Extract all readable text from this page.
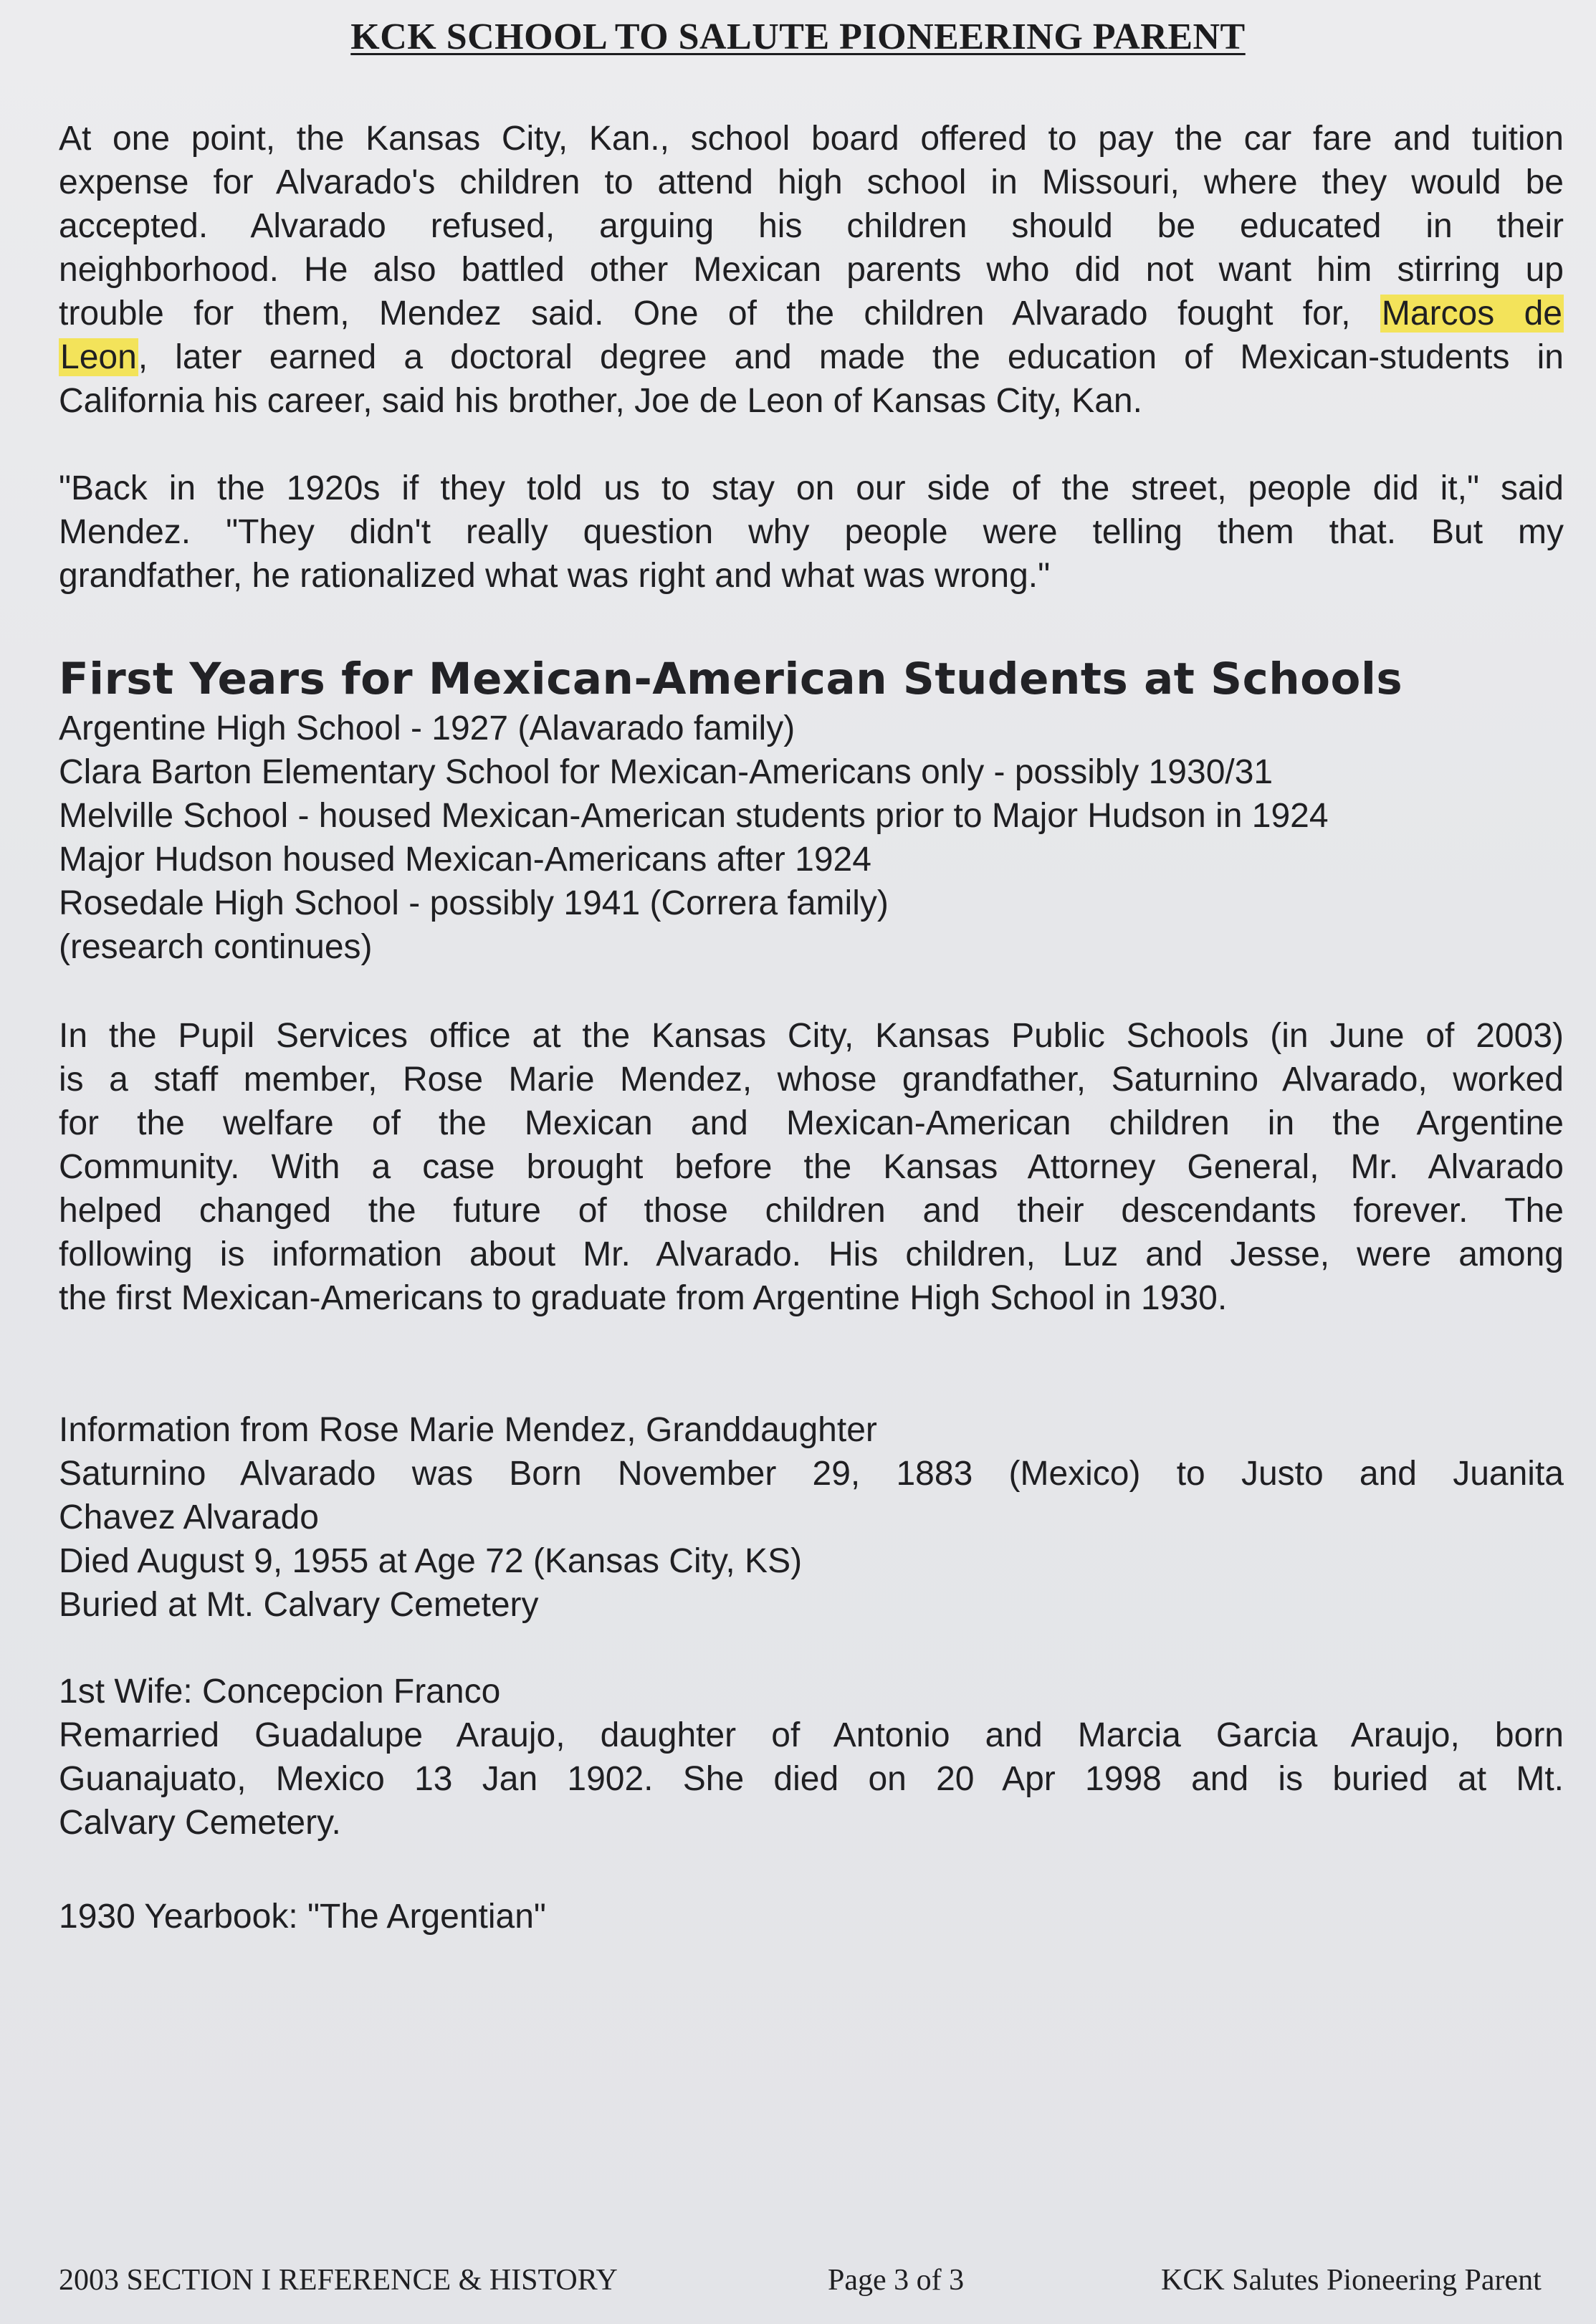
KCK SCHOOL TO SALUTE PIONEERING PARENT
At one point, the Kansas City, Kan., school board offered to pay the car fare and tuition
expense for Alvarado's children to attend high school in Missouri, where they would be
accepted. Alvarado refused, arguing his children should be educated in their
neighborhood. He also battled other Mexican parents who did not want him stirring up
trouble for them, Mendez said. One of the children Alvarado fought for, Marcos de
Leon, later earned a doctoral degree and made the education of Mexican-students in
California his career, said his brother, Joe de Leon of Kansas City, Kan.
"Back in the 1920s if they told us to stay on our side of the street, people did it," said
Mendez. "They didn't really question why people were telling them that. But my
grandfather, he rationalized what was right and what was wrong."
First Years for Mexican-American Students at Schools
Argentine High School - 1927 (Alavarado family)
Clara Barton Elementary School for Mexican-Americans only - possibly 1930/31
Melville School - housed Mexican-American students prior to Major Hudson in 1924
Major Hudson housed Mexican-Americans after 1924
Rosedale High School - possibly 1941 (Correra family)
(research continues)
In the Pupil Services office at the Kansas City, Kansas Public Schools (in June of 2003)
is a staff member, Rose Marie Mendez, whose grandfather, Saturnino Alvarado, worked
for the welfare of the Mexican and Mexican-American children in the Argentine
Community. With a case brought before the Kansas Attorney General, Mr. Alvarado
helped changed the future of those children and their descendants forever. The
following is information about Mr. Alvarado. His children, Luz and Jesse, were among
the first Mexican-Americans to graduate from Argentine High School in 1930.
Information from Rose Marie Mendez, Granddaughter
Saturnino Alvarado was Born November 29, 1883 (Mexico) to Justo and Juanita
Chavez Alvarado
Died August 9, 1955 at Age 72 (Kansas City, KS)
Buried at Mt. Calvary Cemetery
1st Wife: Concepcion Franco
Remarried Guadalupe Araujo, daughter of Antonio and Marcia Garcia Araujo, born
Guanajuato, Mexico 13 Jan 1902. She died on 20 Apr 1998 and is buried at Mt.
Calvary Cemetery.
1930 Yearbook: "The Argentian"
2003 SECTION I REFERENCE & HISTORY	Page 3 of 3	KCK Salutes Pioneering Parent
